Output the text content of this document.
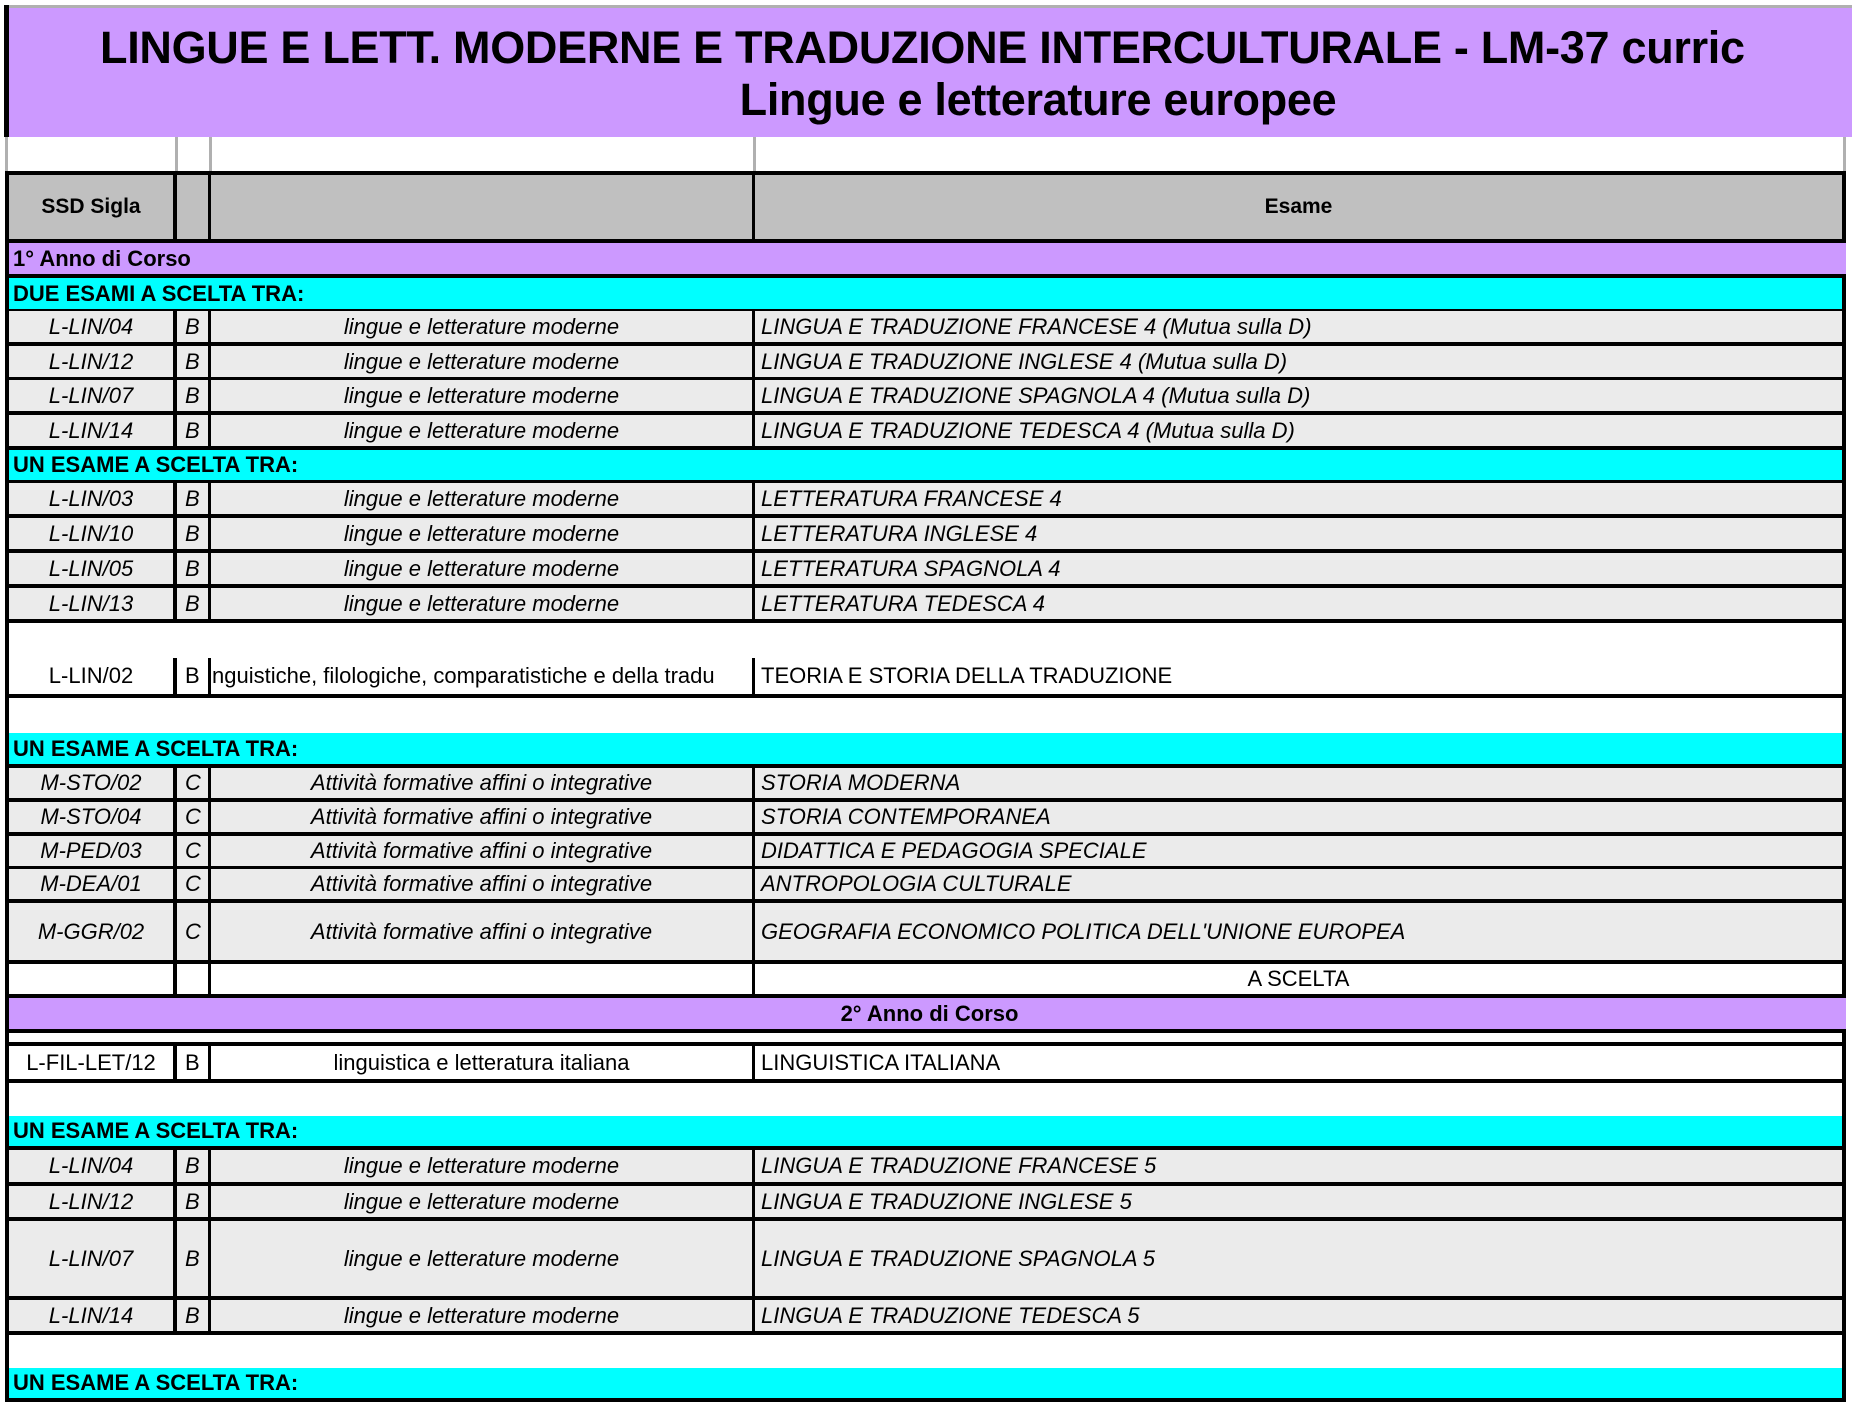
LINGUE E LETT. MODERNE E TRADUZIONE INTERCULTURALE - LM-37 curric
Lingue e letterature europee
SSD Sigla	Esame
1° Anno di Corso
DUE ESAMI A SCELTA TRA:
L-LIN/04	B	lingue e letterature moderne	LINGUA E TRADUZIONE FRANCESE 4 (Mutua sulla D)
L-LIN/12	B	lingue e letterature moderne	LINGUA E TRADUZIONE INGLESE 4 (Mutua sulla D)
L-LIN/07	B	lingue e letterature moderne	LINGUA E TRADUZIONE SPAGNOLA 4 (Mutua sulla D)
L-LIN/14	B	lingue e letterature moderne	LINGUA E TRADUZIONE TEDESCA 4 (Mutua sulla D)
UN ESAME A SCELTA TRA:
L-LIN/03	B	lingue e letterature moderne	LETTERATURA FRANCESE 4
L-LIN/10	B	lingue e letterature moderne	LETTERATURA INGLESE 4
L-LIN/05	B	lingue e letterature moderne	LETTERATURA SPAGNOLA 4
L-LIN/13	B	lingue e letterature moderne	LETTERATURA TEDESCA 4
L-LIN/02	B nguistiche, filologiche, comparatistiche e della tradu	TEORIA E STORIA DELLA TRADUZIONE
UN ESAME A SCELTA TRA:
M-STO/02	C	Attività formative affini o integrative	STORIA MODERNA
M-STO/04	C	Attività formative affini o integrative	STORIA CONTEMPORANEA
M-PED/03	C	Attività formative affini o integrative	DIDATTICA E PEDAGOGIA SPECIALE
M-DEA/01	C	Attività formative affini o integrative	ANTROPOLOGIA CULTURALE
M-GGR/02	C	Attività formative affini o integrative	GEOGRAFIA ECONOMICO POLITICA DELL'UNIONE EUROPEA
A SCELTA
2° Anno di Corso
L-FIL-LET/12	B	linguistica e letteratura italiana	LINGUISTICA ITALIANA
UN ESAME A SCELTA TRA:
L-LIN/04	B	lingue e letterature moderne	LINGUA E TRADUZIONE FRANCESE 5
L-LIN/12	B	lingue e letterature moderne	LINGUA E TRADUZIONE INGLESE 5
L-LIN/07	B	lingue e letterature moderne	LINGUA E TRADUZIONE SPAGNOLA 5
L-LIN/14	B	lingue e letterature moderne	LINGUA E TRADUZIONE TEDESCA 5
UN ESAME A SCELTA TRA:
